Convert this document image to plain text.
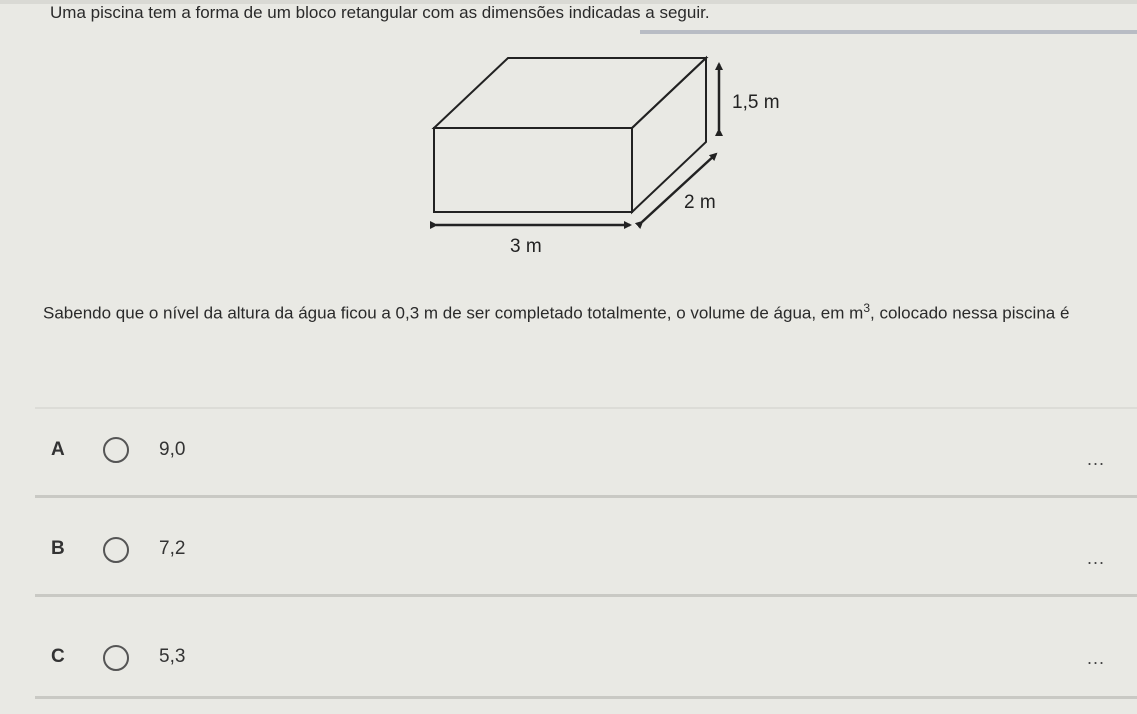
Uma piscina tem a forma de um bloco retangular com as dimensões indicadas a seguir.
1,5 m
2 m
3 m
Sabendo que o nível da altura da água ficou a 0,3 m de ser completado totalmente, o volume de água, em $m^3$, colocado nessa piscina é
A	9,0	...
B	7,2	...
C	5,3	...
